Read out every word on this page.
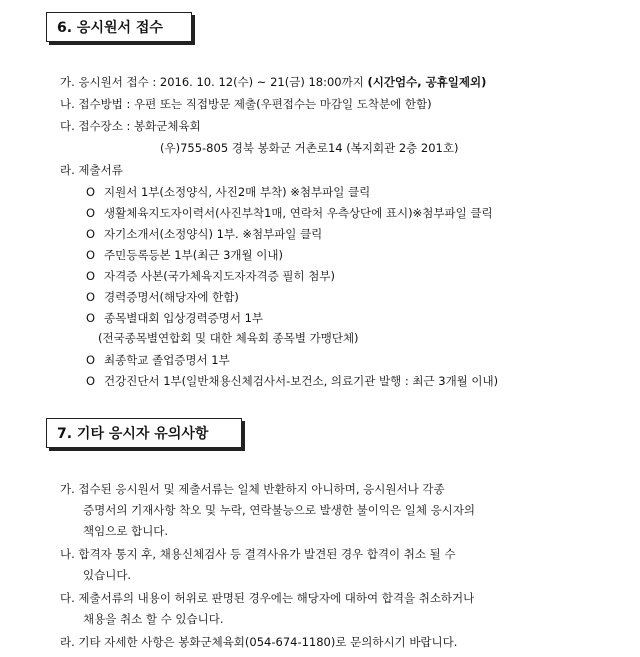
6. 응시원서 접수
가. 응시원서 접수 : 2016. 10. 12(수) ~ 21(금) 18:00까지 (시간엄수, 공휴일제외)
나. 접수방법 : 우편 또는 직접방문 제출(우편접수는 마감일 도착분에 한함)
다. 접수장소 : 봉화군체육회
(우)755-805 경북 봉화군 거촌로14 (복지회관 2층 201호)
라. 제출서류
O 지원서 1부(소정양식, 사진2매 부착) ※첨부파일 클릭
O 생활체육지도자이력서(사진부착1매, 연락처 우측상단에 표시)※첨부파일 클릭
O 자기소개서(소정양식) 1부. ※첨부파일 클릭
O 주민등록등본 1부(최근 3개월 이내)
O 자격증 사본(국가체육지도자자격증 필히 첨부)
O 경력증명서(해당자에 한함)
O 종목별대회 입상경력증명서 1부
(전국종목별연합회 및 대한 체육회 종목별 가맹단체)
O 최종학교 졸업증명서 1부
O 건강진단서 1부(일반채용신체검사서-보건소, 의료기관 발행 : 최근 3개월 이내)
7. 기타 응시자 유의사항
가. 접수된 응시원서 및 제출서류는 일체 반환하지 아니하며, 응시원서나 각종
증명서의 기재사항 착오 및 누락, 연락불능으로 발생한 불이익은 일체 응시자의
책임으로 합니다.
나. 합격자 통지 후, 채용신체검사 등 결격사유가 발견된 경우 합격이 취소 될 수
있습니다.
다. 제출서류의 내용이 허위로 판명된 경우에는 해당자에 대하여 합격을 취소하거나
채용을 취소 할 수 있습니다.
라. 기타 자세한 사항은 봉화군체육회(054-674-1180)로 문의하시기 바랍니다.
